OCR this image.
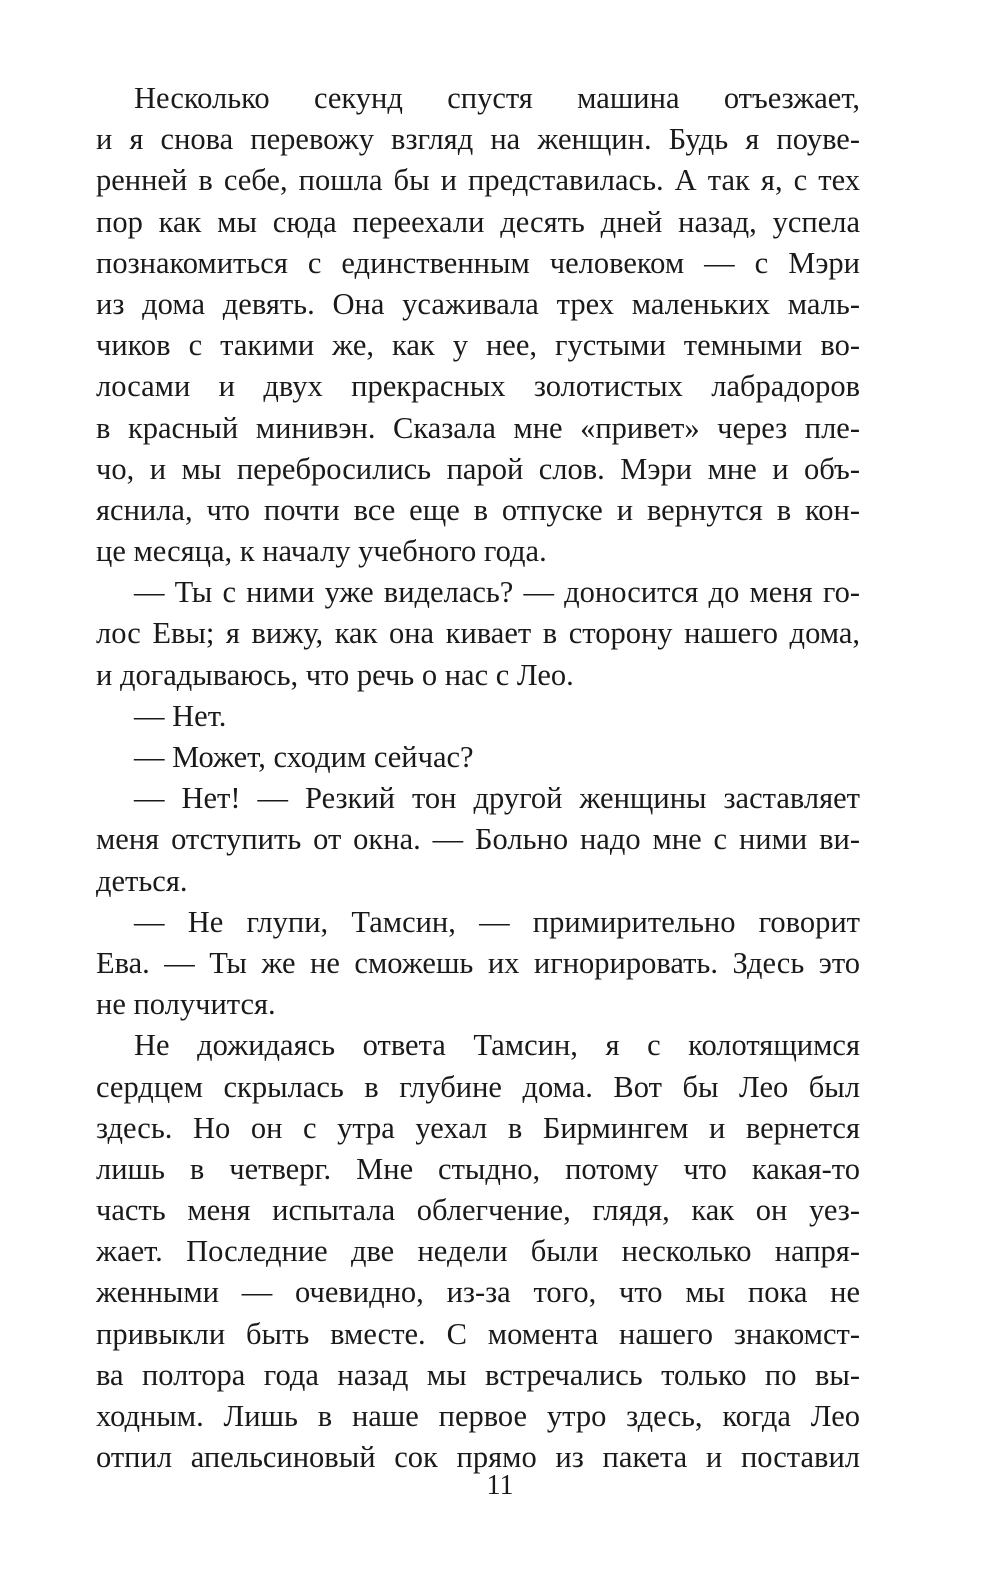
Несколько секунд спустя машина отъезжает,
и я снова перевожу взгляд на женщин. Будь я поуве-
ренней в себе, пошла бы и представилась. А так я, с тех
пор как мы сюда переехали десять дней назад, успела
познакомиться с единственным человеком — с Мэри
из дома девять. Она усаживала трех маленьких маль-
чиков с такими же, как у нее, густыми темными во-
лосами и двух прекрасных золотистых лабрадоров
в красный минивэн. Сказала мне «привет» через пле-
чо, и мы перебросились парой слов. Мэри мне и объ-
яснила, что почти все еще в отпуске и вернутся в кон-
це месяца, к началу учебного года.
— Ты с ними уже виделась? — доносится до меня го-
лос Евы; я вижу, как она кивает в сторону нашего дома,
и догадываюсь, что речь о нас с Лео.
— Нет.
— Может, сходим сейчас?
— Нет! — Резкий тон другой женщины заставляет
меня отступить от окна. — Больно надо мне с ними ви-
деться.
— Не глупи, Тамсин, — примирительно говорит
Ева. — Ты же не сможешь их игнорировать. Здесь это
не получится.
Не дожидаясь ответа Тамсин, я с колотящимся
сердцем скрылась в глубине дома. Вот бы Лео был
здесь. Но он с утра уехал в Бирмингем и вернется
лишь в четверг. Мне стыдно, потому что какая-то
часть меня испытала облегчение, глядя, как он уез-
жает. Последние две недели были несколько напря-
женными — очевидно, из-за того, что мы пока не
привыкли быть вместе. С момента нашего знакомст-
ва полтора года назад мы встречались только по вы-
ходным. Лишь в наше первое утро здесь, когда Лео
отпил апельсиновый сок прямо из пакета и поставил
11
